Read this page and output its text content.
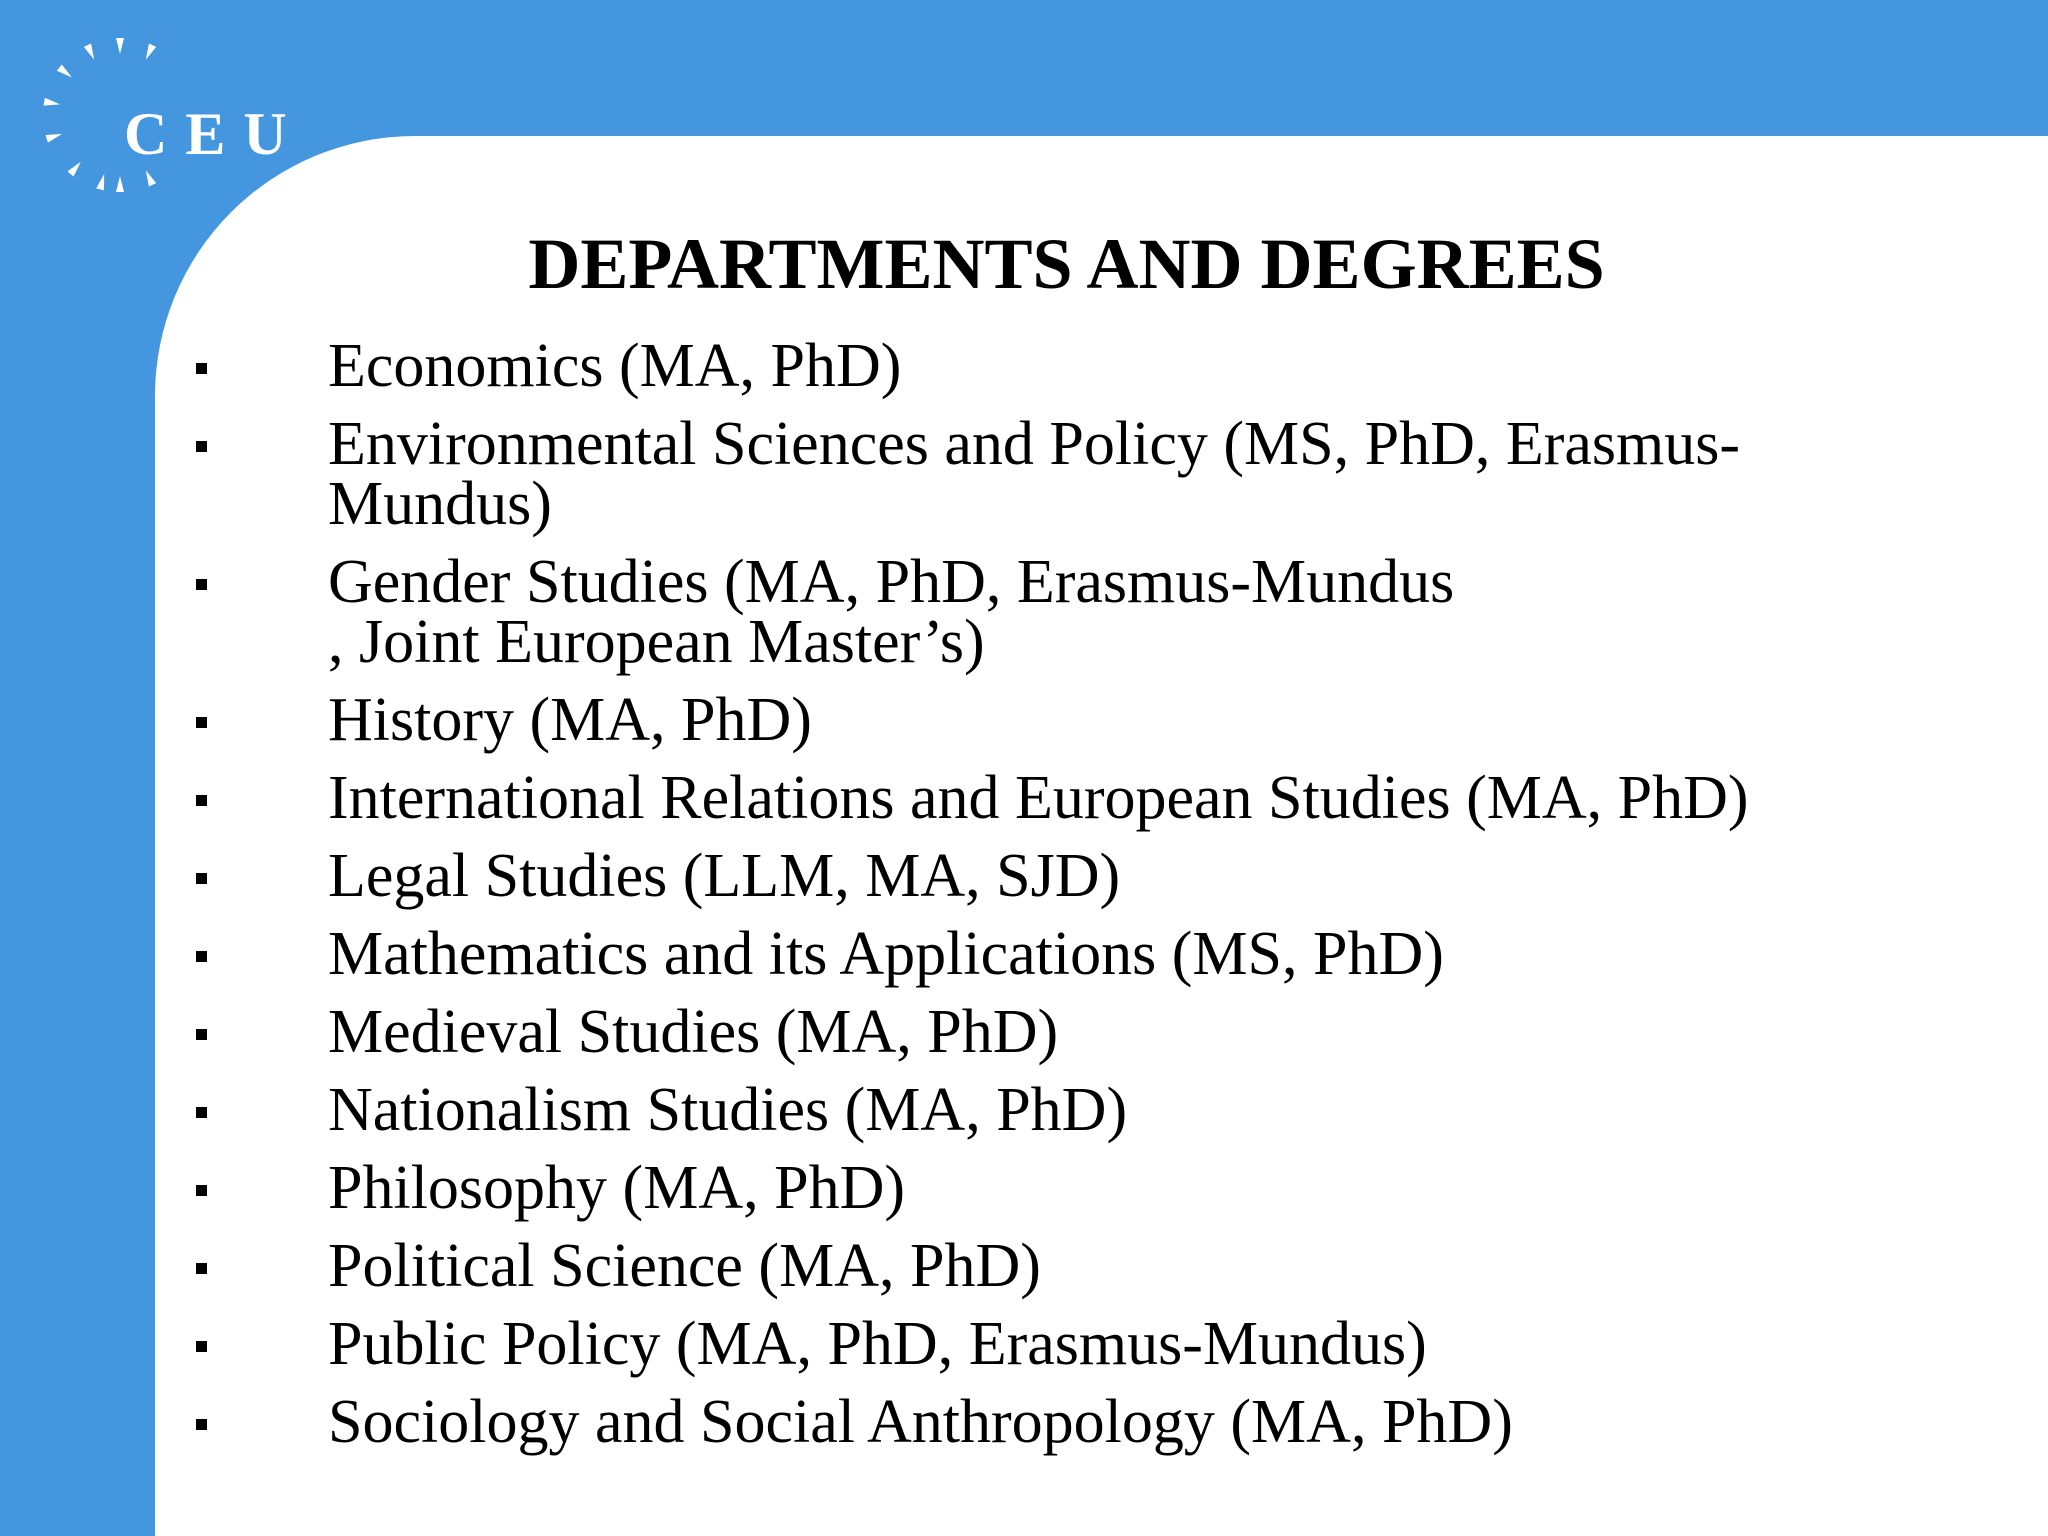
CEU
DEPARTMENTS AND DEGREES
Economics (MA, PhD)
Environmental Sciences and Policy (MS, PhD, Erasmus-
Mundus)
Gender Studies (MA, PhD, Erasmus-Mundus
, Joint European Master’s)
History (MA, PhD)
International Relations and European Studies (MA, PhD)
Legal Studies (LLM, MA, SJD)
Mathematics and its Applications (MS, PhD)
Medieval Studies (MA, PhD)
Nationalism Studies (MA, PhD)
Philosophy (MA, PhD)
Political Science (MA, PhD)
Public Policy (MA, PhD, Erasmus-Mundus)
Sociology and Social Anthropology (MA, PhD)
